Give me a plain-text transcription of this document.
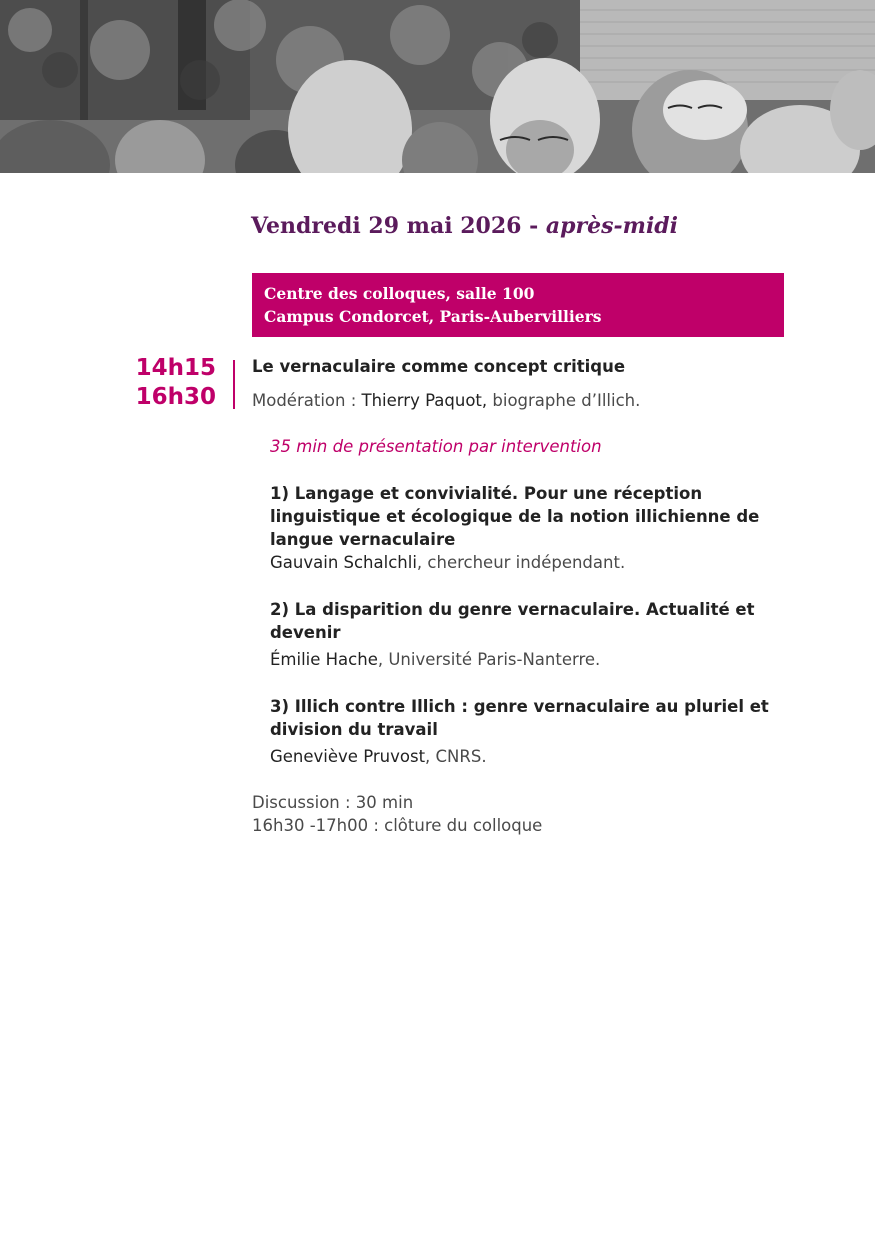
Vendredi 29 mai 2026 - après-midi
Centre des colloques, salle 100
Campus Condorcet, Paris-Aubervilliers
14h15
16h30
Le vernaculaire comme concept critique
Modération : Thierry Paquot, biographe d’Illich.
35 min de présentation par intervention
1) Langage et convivialité. Pour une réception linguistique et écologique de la notion illichienne de langue vernaculaire
Gauvain Schalchli, chercheur indépendant.
2) La disparition du genre vernaculaire. Actualité et devenir
Émilie Hache, Université Paris-Nanterre.
3) Illich contre Illich : genre vernaculaire au pluriel et division du travail
Geneviève Pruvost, CNRS.
Discussion : 30 min
16h30 -17h00 : clôture du colloque
